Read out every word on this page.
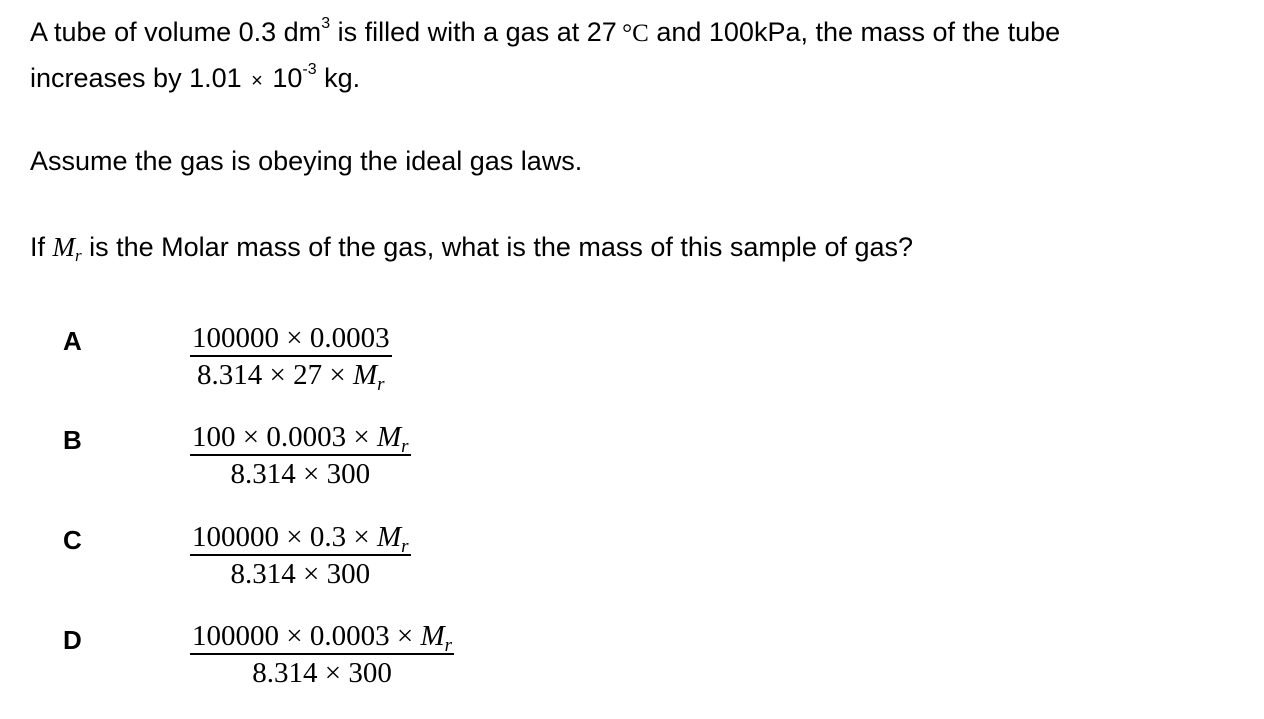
A tube of volume 0.3 $dm^3$ is filled with a gas at 27 °C and 100kPa, the mass of the tube
increases by $1.01 \times 10^{-3}$ kg.
Assume the gas is obeying the ideal gas laws.
If $M_r$ is the Molar mass of the gas, what is the mass of this sample of gas?
A	$\frac{100000 \times 0.0003}{8.314 \times 27 \times M_r}$
B	$\frac{100 \times 0.0003 \times M_r}{8.314 \times 300}$
C	$\frac{100000 \times 0.3 \times M_r}{8.314 \times 300}$
D	$\frac{100000 \times 0.0003 \times M_r}{8.314 \times 300}$
